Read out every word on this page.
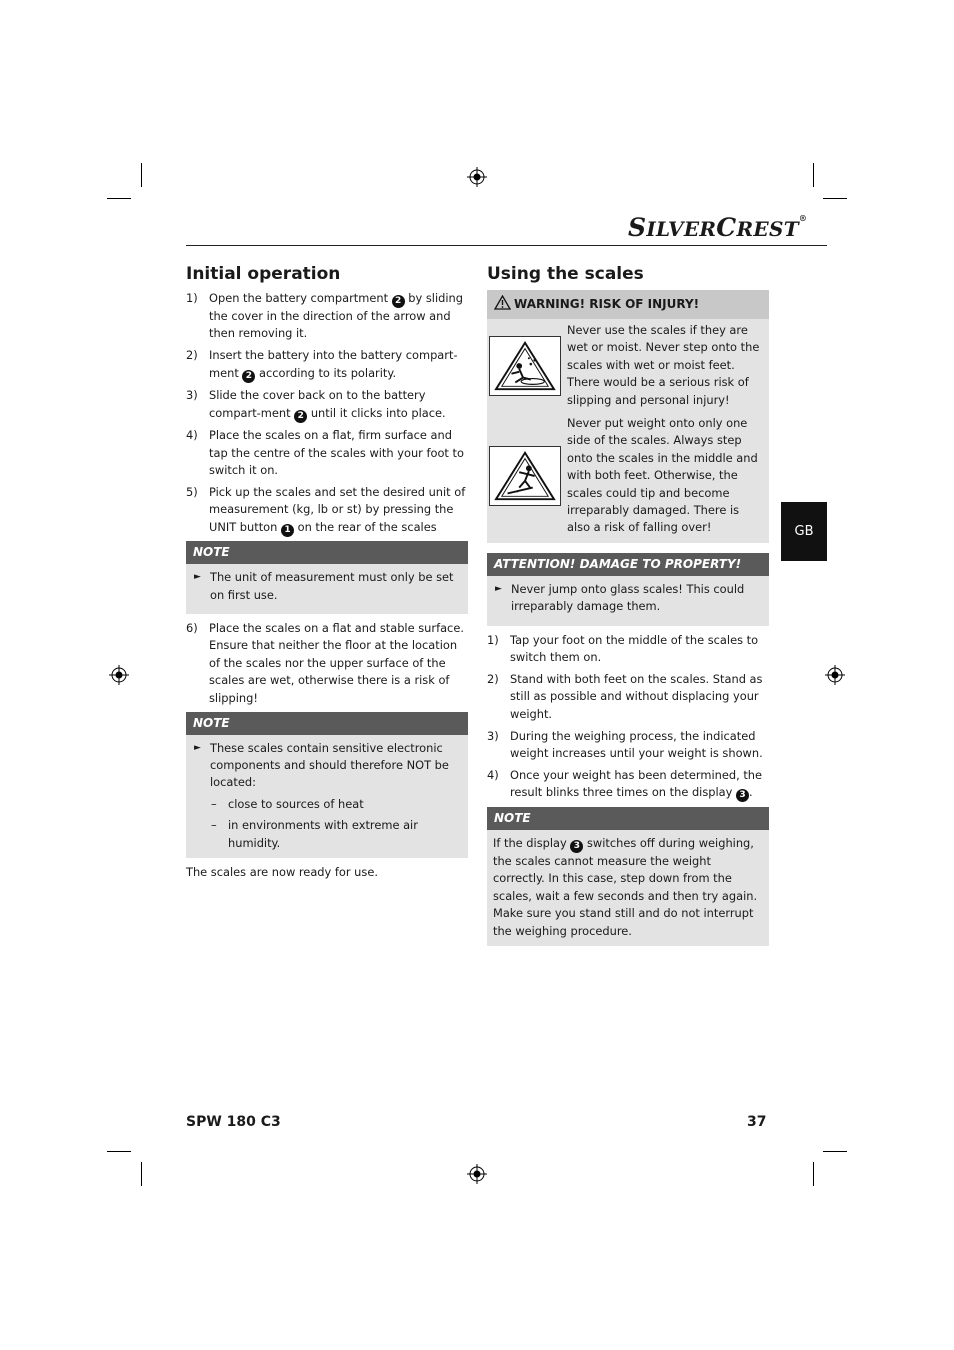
SILVERCREST®
Initial operation
1) Open the battery compartment 2 by sliding the cover in the direction of the arrow and then removing it.
2) Insert the battery into the battery compart-ment 2 according to its polarity.
3) Slide the cover back on to the battery compart-ment 2 until it clicks into place.
4) Place the scales on a flat, firm surface and tap the centre of the scales with your foot to switch it on.
5) Pick up the scales and set the desired unit of measurement (kg, lb or st) by pressing the UNIT button 1 on the rear of the scales
NOTE
► The unit of measurement must only be set on first use.
6) Place the scales on a flat and stable surface. Ensure that neither the floor at the location of the scales nor the upper surface of the scales are wet, otherwise there is a risk of slipping!
NOTE
► These scales contain sensitive electronic components and should therefore NOT be located:
– close to sources of heat
– in environments with extreme air humidity.

The scales are now ready for use.

Using the scales
WARNING! RISK OF INJURY!
Never use the scales if they are wet or moist. Never step onto the scales with wet or moist feet. There would be a serious risk of slipping and personal injury!
Never put weight onto only one side of the scales. Always step onto the scales in the middle and with both feet. Otherwise, the scales could tip and become irreparably damaged. There is also a risk of falling over!
ATTENTION! DAMAGE TO PROPERTY!
► Never jump onto glass scales! This could irreparably damage them.
1) Tap your foot on the middle of the scales to switch them on.
2) Stand with both feet on the scales. Stand as still as possible and without displacing your weight.
3) During the weighing process, the indicated weight increases until your weight is shown.
4) Once your weight has been determined, the result blinks three times on the display 3 .
NOTE
If the display 3 switches off during weighing, the scales cannot measure the weight correctly. In this case, step down from the scales, wait a few seconds and then try again. Make sure you stand still and do not interrupt the weighing procedure.
GB
SPW 180 C3	37
